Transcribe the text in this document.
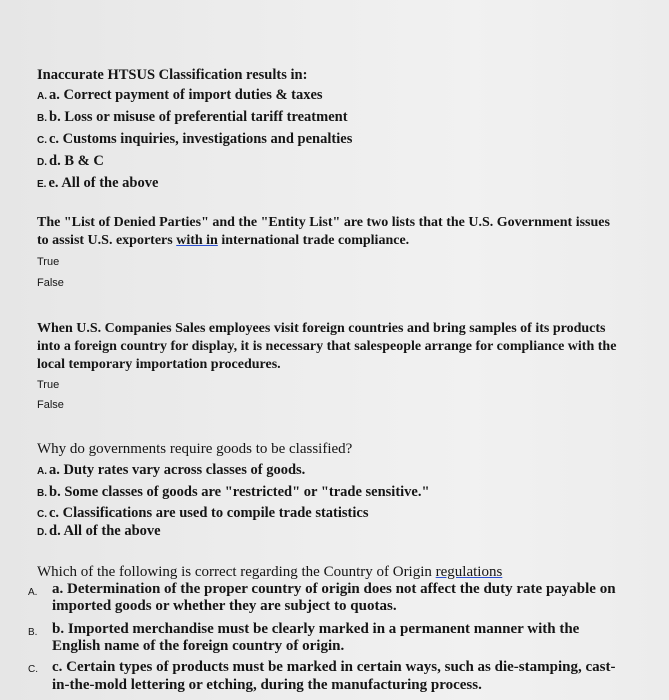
Inaccurate HTSUS Classification results in:
A. a. Correct payment of import duties & taxes
B. b. Loss or misuse of preferential tariff treatment
C. c. Customs inquiries, investigations and penalties
D. d. B & C
E. e. All of the above
The "List of Denied Parties" and the "Entity List" are two lists that the U.S. Government issues
to assist U.S. exporters with in international trade compliance.
True
False
When U.S. Companies Sales employees visit foreign countries and bring samples of its products
into a foreign country for display, it is necessary that salespeople arrange for compliance with the
local temporary importation procedures.
True
False
Why do governments require goods to be classified?
A. a. Duty rates vary across classes of goods.
B. b. Some classes of goods are "restricted" or "trade sensitive."
C. c. Classifications are used to compile trade statistics
D. d. All of the above
Which of the following is correct regarding the Country of Origin regulations
A. a. Determination of the proper country of origin does not affect the duty rate payable on
imported goods or whether they are subject to quotas.
B. b. Imported merchandise must be clearly marked in a permanent manner with the
English name of the foreign country of origin.
C. c. Certain types of products must be marked in certain ways, such as die-stamping, cast-
in-the-mold lettering or etching, during the manufacturing process.
